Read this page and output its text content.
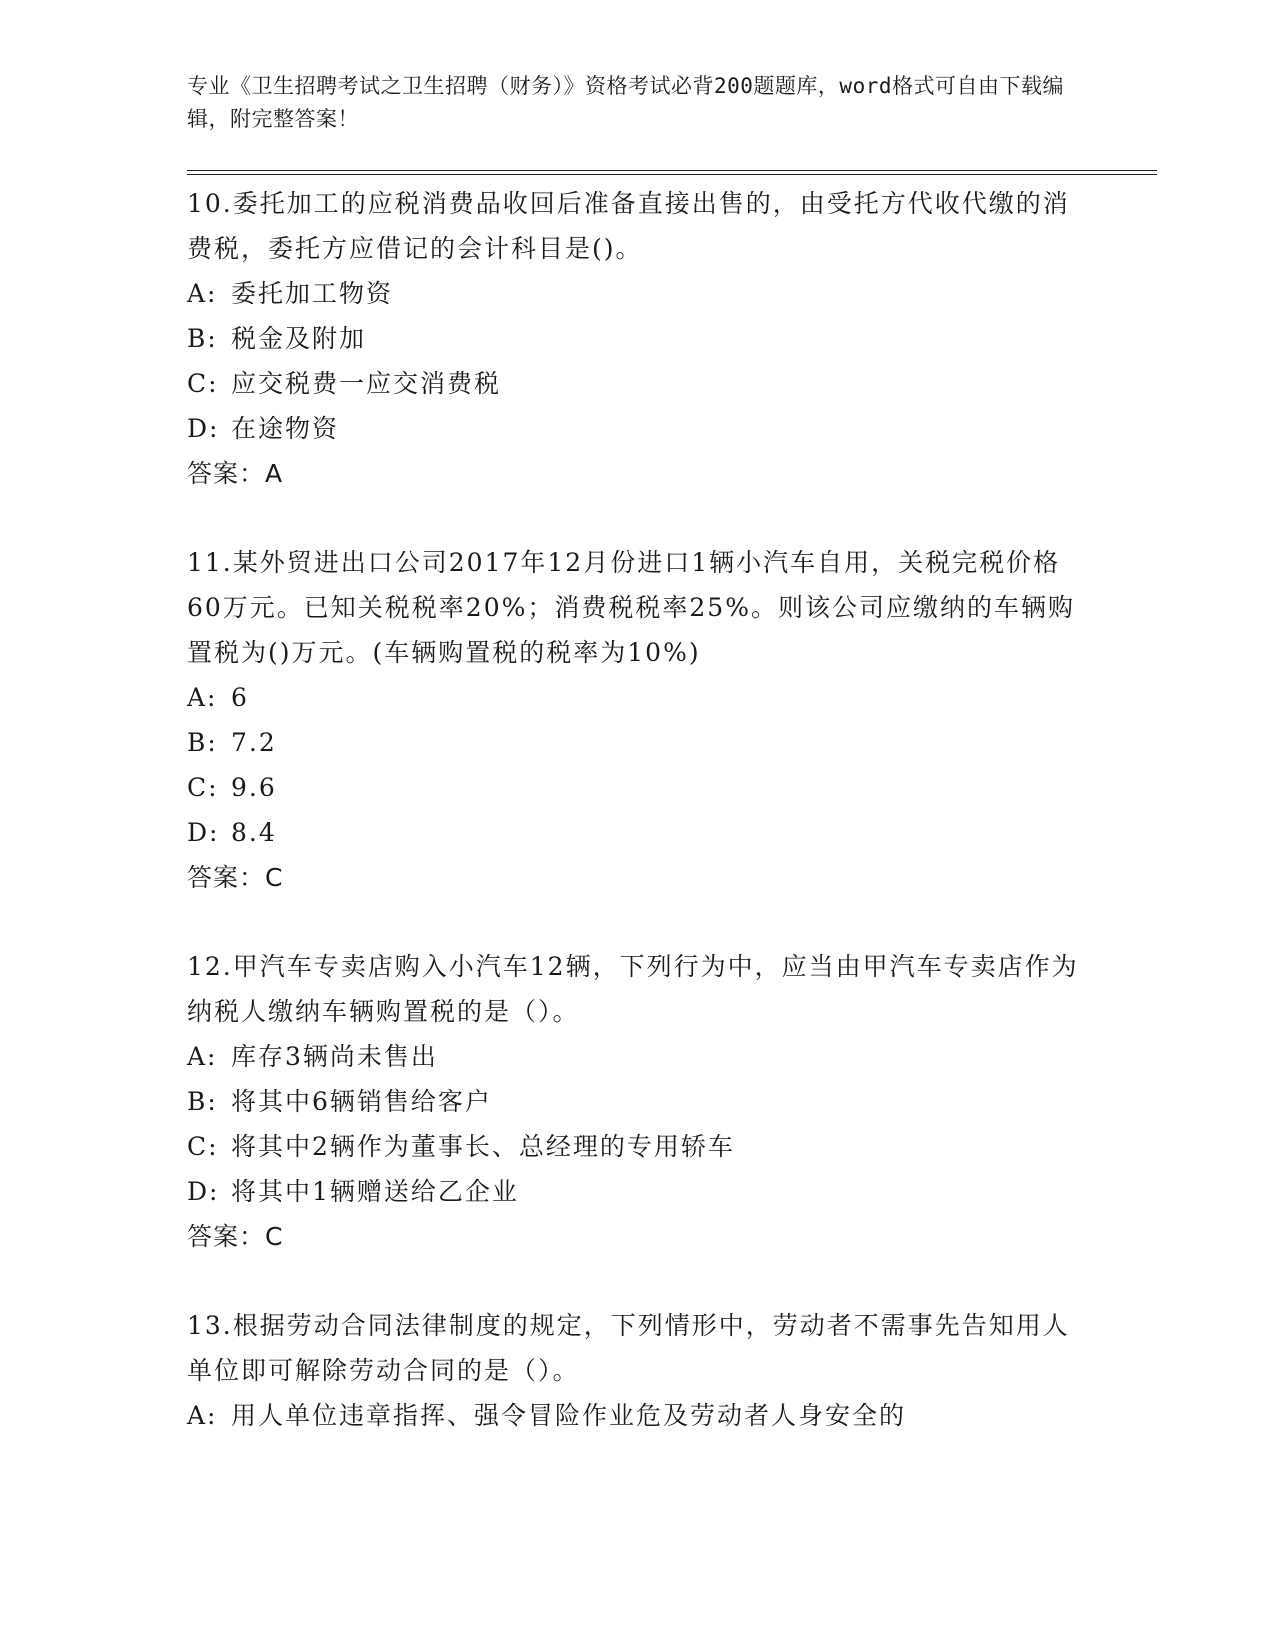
专业《卫生招聘考试之卫生招聘（财务）》资格考试必背200题题库，word格式可自由下载编辑，附完整答案！
10.委托加工的应税消费品收回后准备直接出售的，由受托方代收代缴的消费税，委托方应借记的会计科目是()。
A: 委托加工物资
B: 税金及附加
C: 应交税费一应交消费税
D: 在途物资
答案：A
11.某外贸进出口公司2017年12月份进口1辆小汽车自用，关税完税价格60万元。已知关税税率20%；消费税税率25%。则该公司应缴纳的车辆购置税为()万元。(车辆购置税的税率为10%)
A: 6
B: 7.2
C: 9.6
D: 8.4
答案：C
12.甲汽车专卖店购入小汽车12辆，下列行为中，应当由甲汽车专卖店作为纳税人缴纳车辆购置税的是（）。
A: 库存3辆尚未售出
B: 将其中6辆销售给客户
C: 将其中2辆作为董事长、总经理的专用轿车
D: 将其中1辆赠送给乙企业
答案：C
13.根据劳动合同法律制度的规定，下列情形中，劳动者不需事先告知用人单位即可解除劳动合同的是（）。
A: 用人单位违章指挥、强令冒险作业危及劳动者人身安全的
